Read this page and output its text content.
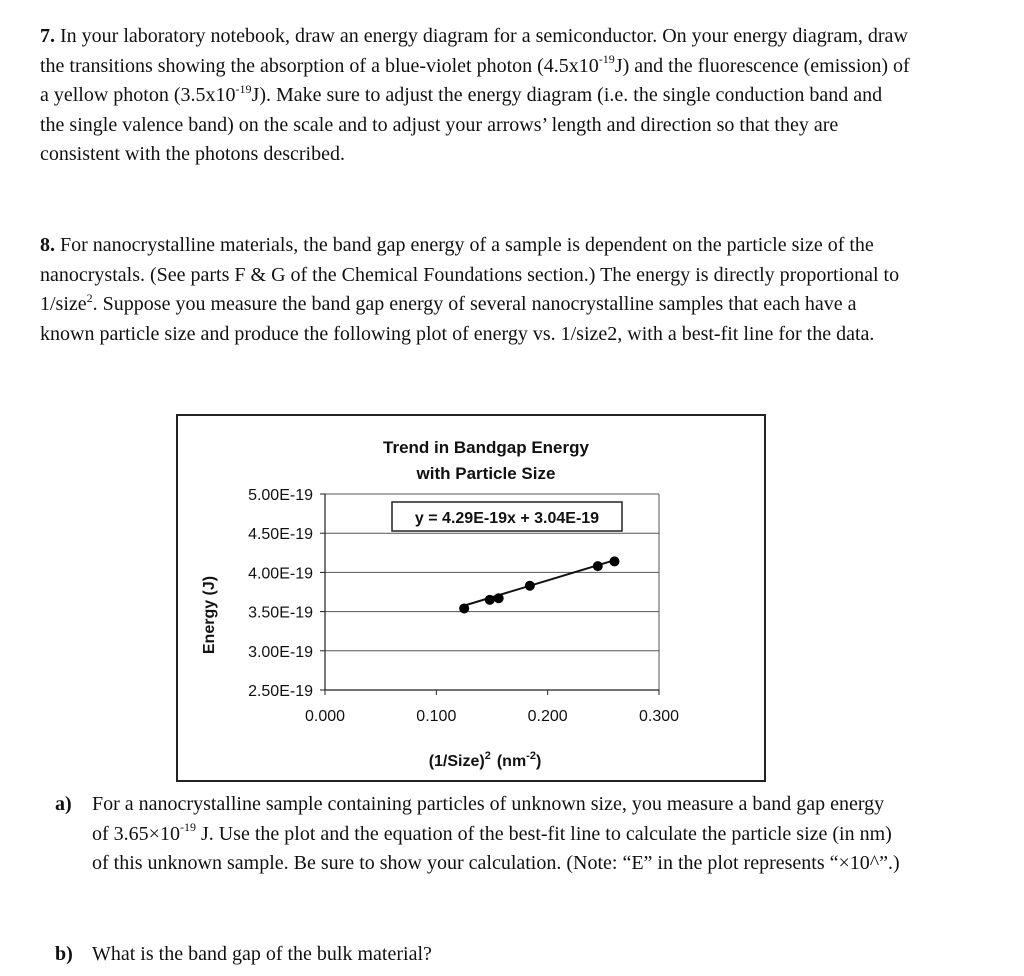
7. In your laboratory notebook, draw an energy diagram for a semiconductor. On your energy diagram, draw the transitions showing the absorption of a blue-violet photon $(4.5x10^{-19}J)$ and the fluorescence (emission) of a yellow photon $(3.5x10^{-19}J)$. Make sure to adjust the energy diagram (i.e. the single conduction band and the single valence band) on the scale and to adjust your arrows’ length and direction so that they are consistent with the photons described.

8. For nanocrystalline materials, the band gap energy of a sample is dependent on the particle size of the nanocrystals. (See parts F & G of the Chemical Foundations section.) The energy is directly proportional to 1/size$^2$. Suppose you measure the band gap energy of several nanocrystalline samples that each have a known particle size and produce the following plot of energy vs. 1/size2, with a best-fit line for the data.

Trend in Bandgap Energy
with Particle Size
2.50E-19
3.00E-19
3.50E-19
4.00E-19
4.50E-19
5.00E-19
0.000	0.100	0.200	0.300
y = 4.29E-19x + 3.04E-19
Energy (J)
(1/Size)$^2$ $(nm^{-2})$
a) For a nanocrystalline sample containing particles of unknown size, you measure a band gap energy of $3.65\times 10^{-19}$ J. Use the plot and the equation of the best-fit line to calculate the particle size (in nm) of this unknown sample. Be sure to show your calculation. (Note: “E” in the plot represents “×10^”.)
b) What is the band gap of the bulk material?
